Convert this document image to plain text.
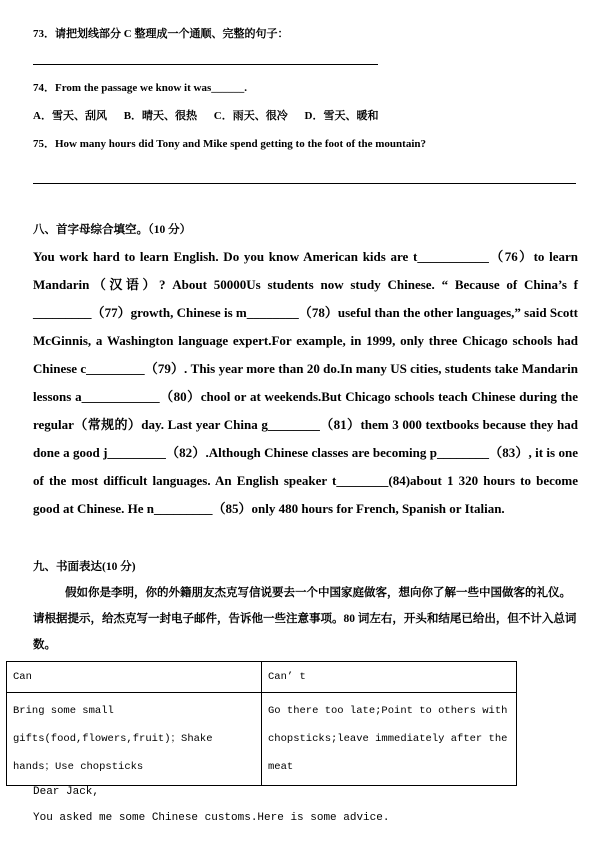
73．请把划线部分 C 整理成一个通顺、完整的句子：
74．From the passage we know it was______.
A．雪天、刮风 B．晴天、很热 C．雨天、很冷 D．雪天、暖和
75．How many hours did Tony and Mike spend getting to the foot of the mountain?
八、首字母综合填空。（10 分）
You work hard to learn English. Do you know American kids are t___________（76）to learn Mandarin（汉语）? About 50000Us students now study Chinese. “ Because of China’s f _________（77）growth, Chinese is m________（78）useful than the other languages,” said Scott McGinnis, a Washington language expert.For example, in 1999, only three Chicago schools had Chinese c_________（79）. This year more than 20 do.In many US cities, students take Mandarin lessons a____________（80）chool or at weekends.But Chicago schools teach Chinese during the regular（常规的）day. Last year China g________（81）them 3 000 textbooks because they had done a good j_________（82）.Although Chinese classes are becoming p________（83）, it is one of the most difficult languages. An English speaker t________(84)about 1 320 hours to become good at Chinese. He n_________（85）only 480 hours for French, Spanish or Italian.
九、书面表达(10 分)
假如你是李明，你的外籍朋友杰克写信说要去一个中国家庭做客，想向你了解一些中国做客的礼仪。请根据提示，给杰克写一封电子邮件，告诉他一些注意事项。80 词左右，开头和结尾已给出，但不计入总词数。
Can	Can’ t
Bring some small gifts(food,flowers,fruit)；Shake hands；Use chopsticks	Go there too late;Point to others with chopsticks;leave immediately after the meat
Dear Jack,
You asked me some Chinese customs.Here is some advice.
